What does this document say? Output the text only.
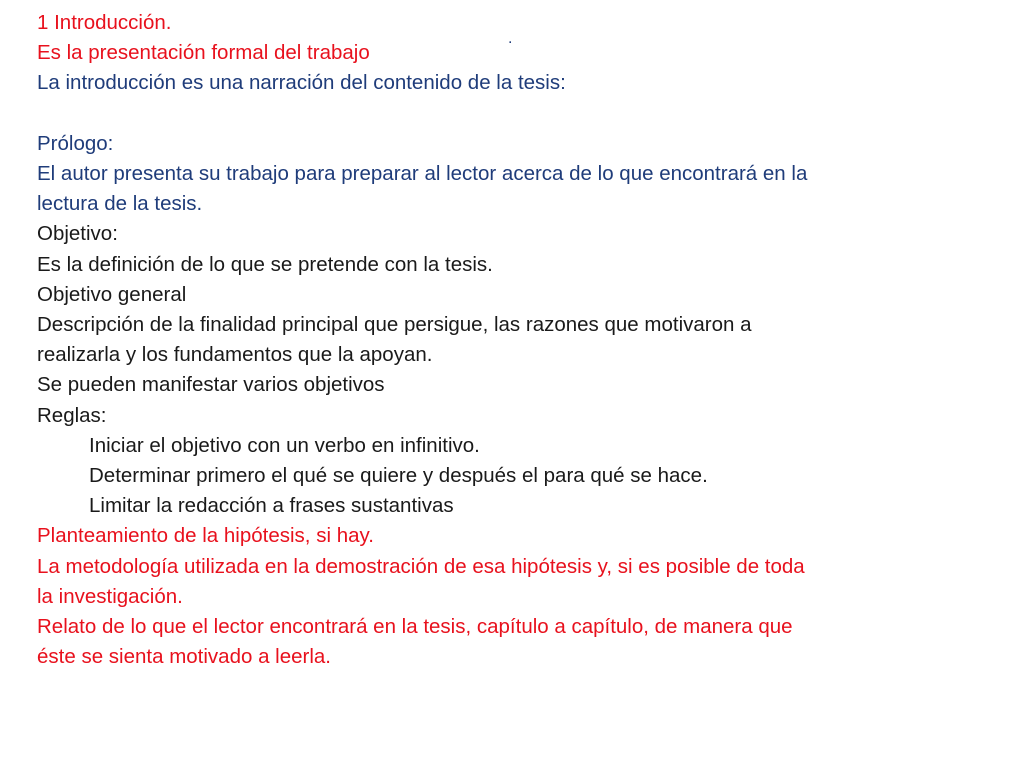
.
1 Introducción.
Es la presentación formal del trabajo
La introducción es una narración del contenido de la tesis:
Prólogo:
El autor presenta su trabajo para preparar al lector acerca de lo que encontrará en la
lectura de la tesis.
Objetivo:
Es la definición de lo que se pretende con la tesis.
Objetivo general
Descripción de la finalidad principal que persigue, las razones que motivaron a
realizarla y los fundamentos que la apoyan.
Se pueden manifestar varios objetivos
Reglas:
Iniciar el objetivo con un verbo en infinitivo.
Determinar primero el qué se quiere y después el para qué se hace.
Limitar la redacción a frases sustantivas
Planteamiento de la hipótesis, si hay.
La metodología utilizada en la demostración de esa hipótesis y, si es posible de toda
la investigación.
Relato de lo que el lector encontrará en la tesis, capítulo a capítulo, de manera que
éste se sienta motivado a leerla.
